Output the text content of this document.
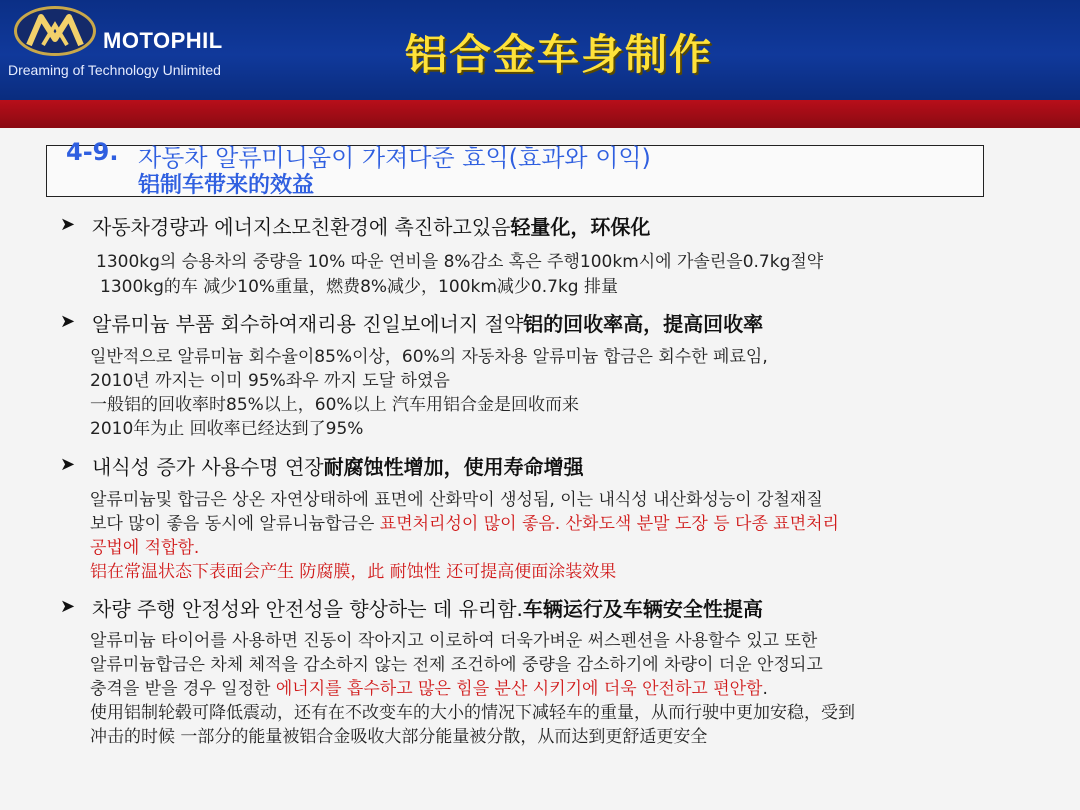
MOTOPHIL
Dreaming of Technology Unlimited	铝合金车身制作
4-9. 자동차 알류미니움이 가져다준 효익(효과와 이익)
铝制车带来的效益
➤ 자동차경량과 에너지소모친환경에 촉진하고있음轻量化，环保化
1300kg의 승용차의 중량을 10% 따운 연비을 8%감소 혹은 주행100km시에 가솔린을0.7kg절약
1300kg的车 减少10%重量，燃费8%减少，100km减少0.7kg 排量
➤ 알류미늄 부품 회수하여재리용 진일보에너지 절약铝的回收率高，提高回收率
일반적으로 알류미늄 회수율이85%이상，60%의 자동차용 알류미늄 합금은 회수한 페료임,
2010년 까지는 이미 95%좌우 까지 도달 하였음
一般铝的回收率时85%以上，60%以上 汽车用铝合金是回收而来
2010年为止 回收率已经达到了95%
➤ 내식성 증가 사용수명 연장耐腐蚀性增加，使用寿命增强
알류미늄및 합금은 상온 자연상태하에 표면에 산화막이 생성됨, 이는 내식성 내산화성능이 강철재질
보다 많이 좋음 동시에 알류니늄합금은 표면처리성이 많이 좋음. 산화도색 분말 도장 등 다종 표면처리
공법에 적합함.
铝在常温状态下表面会产生 防腐膜，此 耐蚀性 还可提高便面涂装效果
➤ 차량 주행 안정성와 안전성을 향상하는 데 유리함.车辆运行及车辆安全性提高
알류미늄 타이어를 사용하면 진동이 작아지고 이로하여 더욱가벼운 써스펜션을 사용할수 있고 또한
알류미늄합금은 차체 체적을 감소하지 않는 전제 조건하에 중량을 감소하기에 차량이 더운 안정되고
충격을 받을 경우 일정한 에너지를 흡수하고 많은 힘을 분산 시키기에 더욱 안전하고 편안함.
使用铝制轮毂可降低震动，还有在不改变车的大小的情况下减轻车的重量，从而行驶中更加安稳，受到
冲击的时候 一部分的能量被铝合金吸收大部分能量被分散，从而达到更舒适更安全
